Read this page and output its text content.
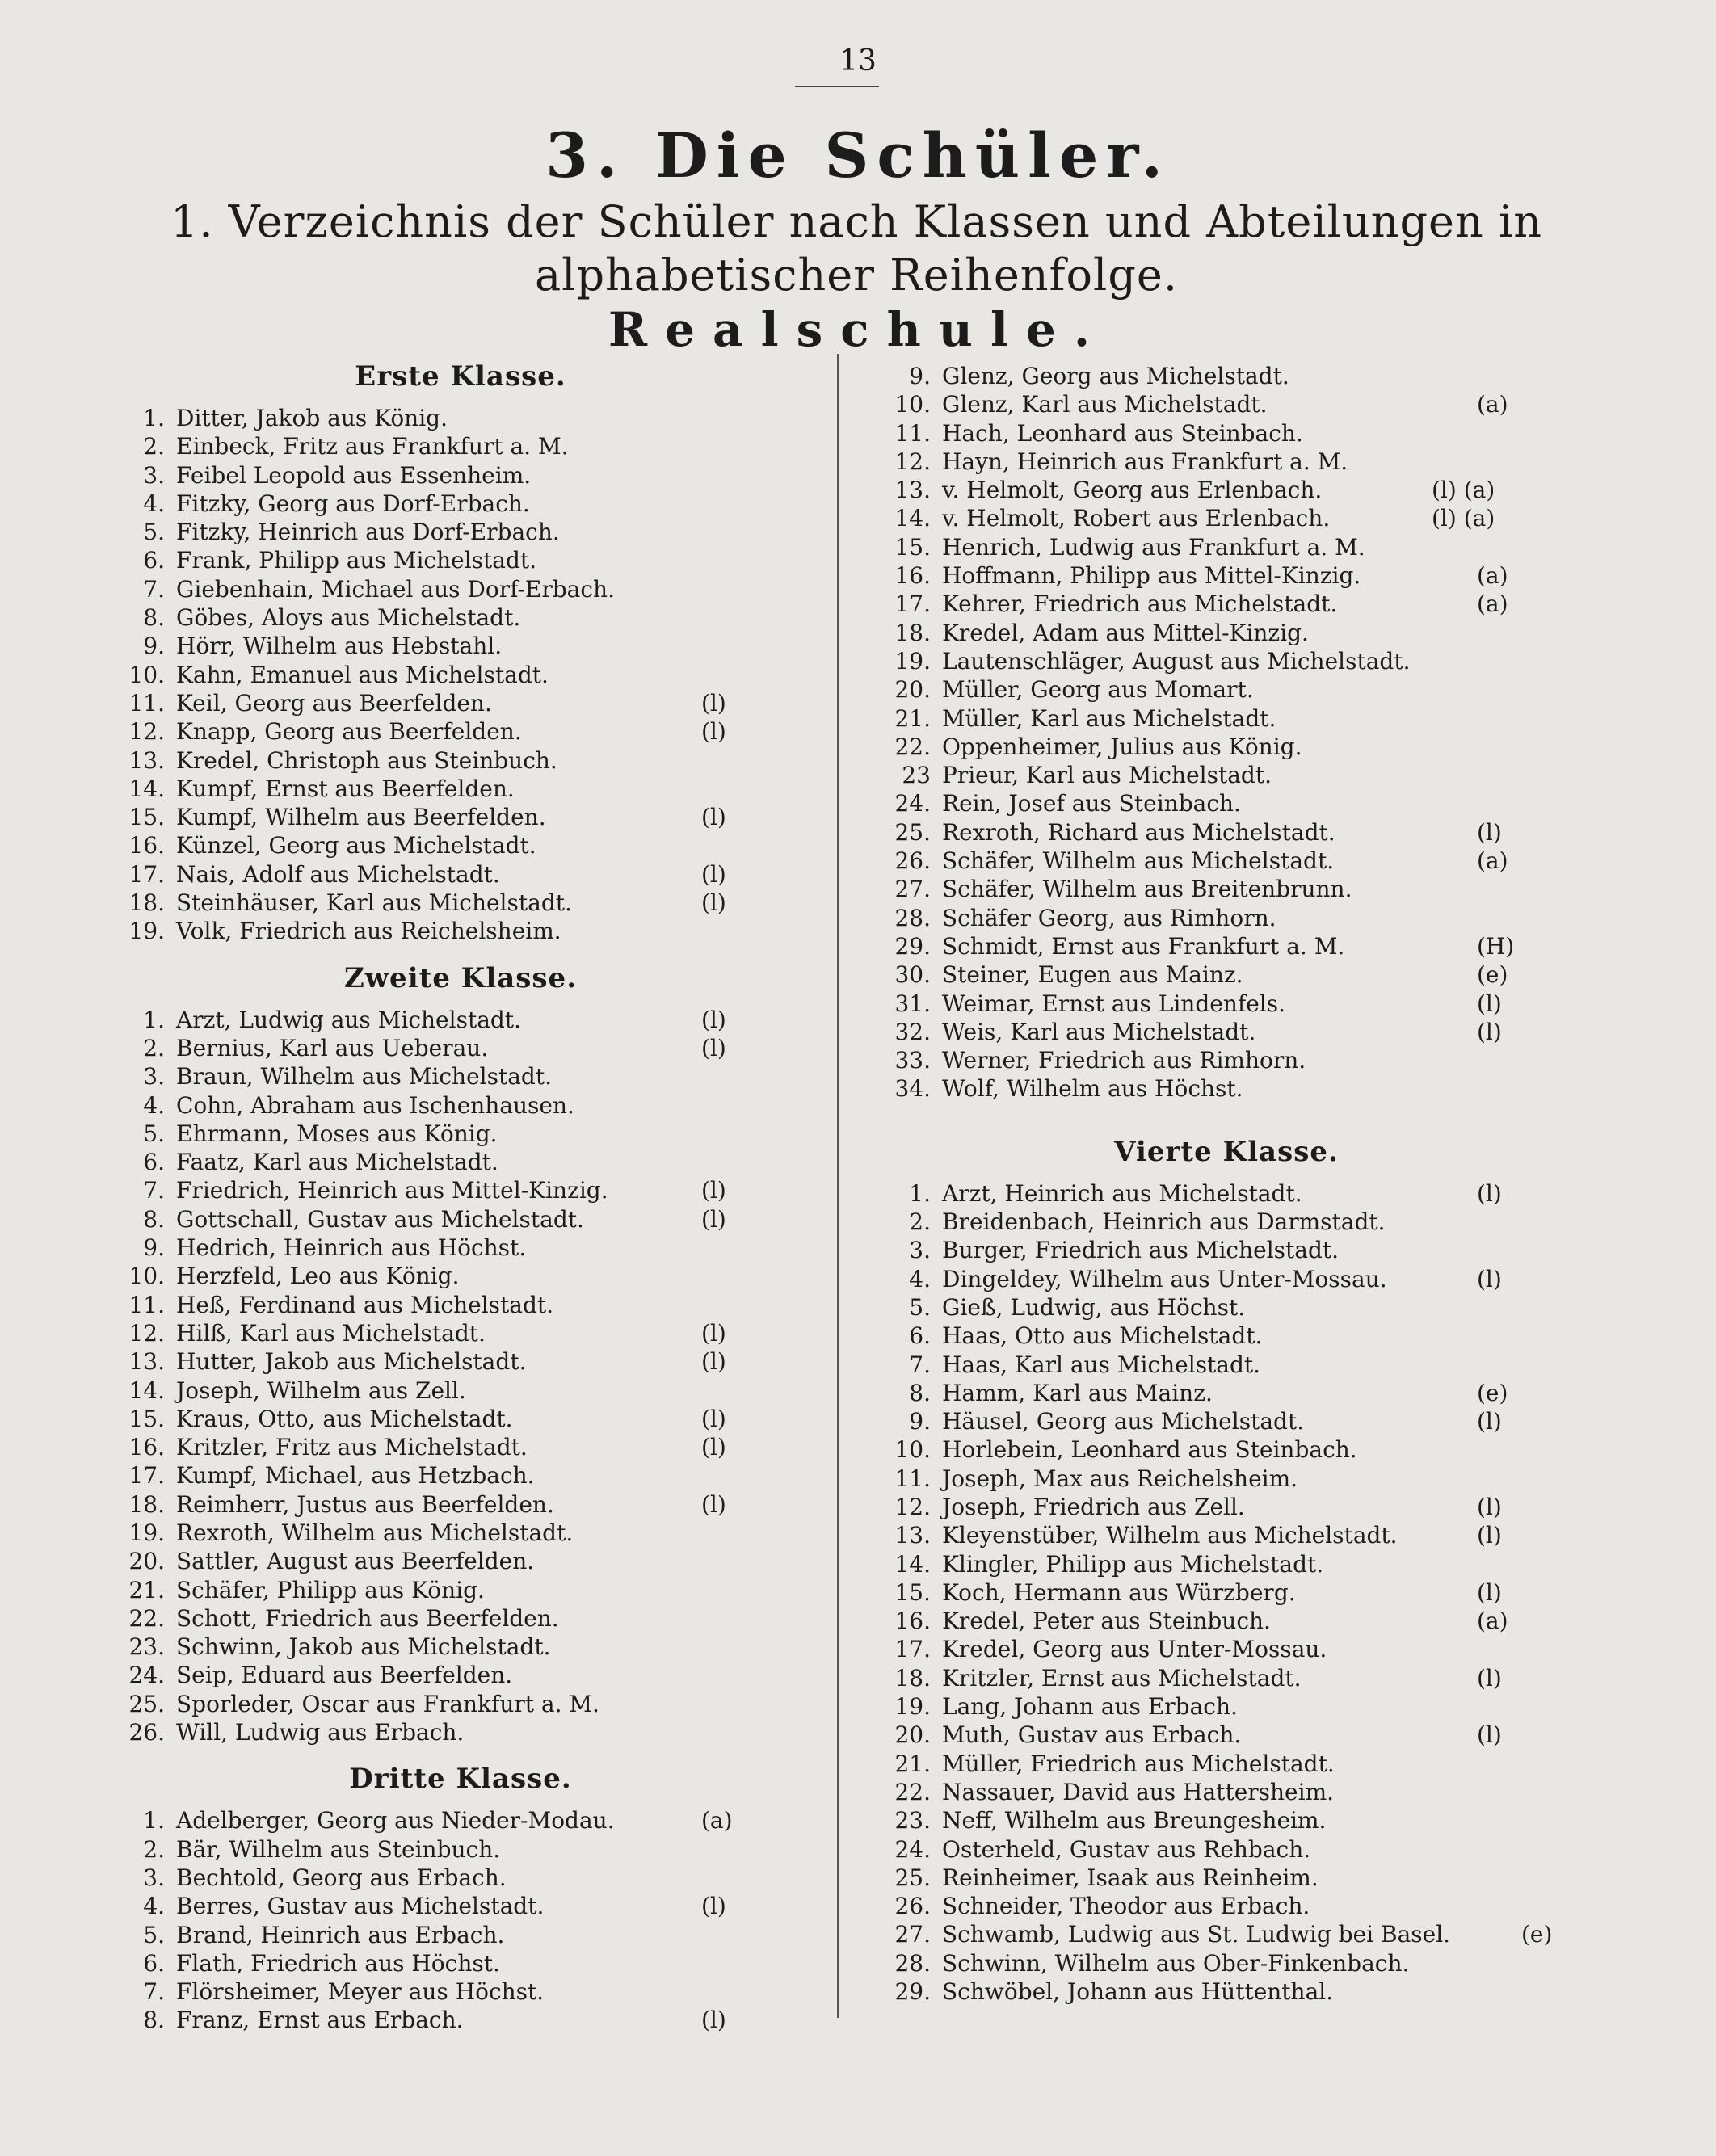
13
3. Die Schüler.
1. Verzeichnis der Schüler nach Klassen und Abteilungen in alphabetischer Reihenfolge.
Realschule.
Erste Klasse.
1. Ditter, Jakob aus König.
2. Einbeck, Fritz aus Frankfurt a. M.
3. Feibel Leopold aus Essenheim.
4. Fitzky, Georg aus Dorf-Erbach.
5. Fitzky, Heinrich aus Dorf-Erbach.
6. Frank, Philipp aus Michelstadt.
7. Giebenhain, Michael aus Dorf-Erbach.
8. Göbes, Aloys aus Michelstadt.
9. Hörr, Wilhelm aus Hebstahl.
10. Kahn, Emanuel aus Michelstadt.
11. Keil, Georg aus Beerfelden.	(l)
12. Knapp, Georg aus Beerfelden.	(l)
13. Kredel, Christoph aus Steinbuch.
14. Kumpf, Ernst aus Beerfelden.
15. Kumpf, Wilhelm aus Beerfelden.	(l)
16. Künzel, Georg aus Michelstadt.
17. Nais, Adolf aus Michelstadt.	(l)
18. Steinhäuser, Karl aus Michelstadt.	(l)
19. Volk, Friedrich aus Reichelsheim.
Zweite Klasse.
1. Arzt, Ludwig aus Michelstadt.	(l)
2. Bernius, Karl aus Ueberau.	(l)
3. Braun, Wilhelm aus Michelstadt.
4. Cohn, Abraham aus Ischenhausen.
5. Ehrmann, Moses aus König.
6. Faatz, Karl aus Michelstadt.
7. Friedrich, Heinrich aus Mittel-Kinzig.	(l)
8. Gottschall, Gustav aus Michelstadt.	(l)
9. Hedrich, Heinrich aus Höchst.
10. Herzfeld, Leo aus König.
11. Heß, Ferdinand aus Michelstadt.
12. Hilß, Karl aus Michelstadt.	(l)
13. Hutter, Jakob aus Michelstadt.	(l)
14. Joseph, Wilhelm aus Zell.
15. Kraus, Otto, aus Michelstadt.	(l)
16. Kritzler, Fritz aus Michelstadt.	(l)
17. Kumpf, Michael, aus Hetzbach.
18. Reimherr, Justus aus Beerfelden.	(l)
19. Rexroth, Wilhelm aus Michelstadt.
20. Sattler, August aus Beerfelden.
21. Schäfer, Philipp aus König.
22. Schott, Friedrich aus Beerfelden.
23. Schwinn, Jakob aus Michelstadt.
24. Seip, Eduard aus Beerfelden.
25. Sporleder, Oscar aus Frankfurt a. M.
26. Will, Ludwig aus Erbach.
Dritte Klasse.
1. Adelberger, Georg aus Nieder-Modau.	(a)
2. Bär, Wilhelm aus Steinbuch.
3. Bechtold, Georg aus Erbach.
4. Berres, Gustav aus Michelstadt.	(l)
5. Brand, Heinrich aus Erbach.
6. Flath, Friedrich aus Höchst.
7. Flörsheimer, Meyer aus Höchst.
8. Franz, Ernst aus Erbach.	(l)
9. Glenz, Georg aus Michelstadt.
10. Glenz, Karl aus Michelstadt.	(a)
11. Hach, Leonhard aus Steinbach.
12. Hayn, Heinrich aus Frankfurt a. M.
13. v. Helmolt, Georg aus Erlenbach.	(l) (a)
14. v. Helmolt, Robert aus Erlenbach.	(l) (a)
15. Henrich, Ludwig aus Frankfurt a. M.
16. Hoffmann, Philipp aus Mittel-Kinzig.	(a)
17. Kehrer, Friedrich aus Michelstadt.	(a)
18. Kredel, Adam aus Mittel-Kinzig.
19. Lautenschläger, August aus Michelstadt.
20. Müller, Georg aus Momart.
21. Müller, Karl aus Michelstadt.
22. Oppenheimer, Julius aus König.
23 Prieur, Karl aus Michelstadt.
24. Rein, Josef aus Steinbach.
25. Rexroth, Richard aus Michelstadt.	(l)
26. Schäfer, Wilhelm aus Michelstadt.	(a)
27. Schäfer, Wilhelm aus Breitenbrunn.
28. Schäfer Georg, aus Rimhorn.
29. Schmidt, Ernst aus Frankfurt a. M.	(H)
30. Steiner, Eugen aus Mainz.	(e)
31. Weimar, Ernst aus Lindenfels.	(l)
32. Weis, Karl aus Michelstadt.	(l)
33. Werner, Friedrich aus Rimhorn.
34. Wolf, Wilhelm aus Höchst.
Vierte Klasse.
1. Arzt, Heinrich aus Michelstadt.	(l)
2. Breidenbach, Heinrich aus Darmstadt.
3. Burger, Friedrich aus Michelstadt.
4. Dingeldey, Wilhelm aus Unter-Mossau.	(l)
5. Gieß, Ludwig, aus Höchst.
6. Haas, Otto aus Michelstadt.
7. Haas, Karl aus Michelstadt.
8. Hamm, Karl aus Mainz.	(e)
9. Häusel, Georg aus Michelstadt.	(l)
10. Horlebein, Leonhard aus Steinbach.
11. Joseph, Max aus Reichelsheim.
12. Joseph, Friedrich aus Zell.	(l)
13. Kleyenstüber, Wilhelm aus Michelstadt.	(l)
14. Klingler, Philipp aus Michelstadt.
15. Koch, Hermann aus Würzberg.	(l)
16. Kredel, Peter aus Steinbuch.	(a)
17. Kredel, Georg aus Unter-Mossau.
18. Kritzler, Ernst aus Michelstadt.	(l)
19. Lang, Johann aus Erbach.
20. Muth, Gustav aus Erbach.	(l)
21. Müller, Friedrich aus Michelstadt.
22. Nassauer, David aus Hattersheim.
23. Neff, Wilhelm aus Breungesheim.
24. Osterheld, Gustav aus Rehbach.
25. Reinheimer, Isaak aus Reinheim.
26. Schneider, Theodor aus Erbach.
27. Schwamb, Ludwig aus St. Ludwig bei Basel.	(e)
28. Schwinn, Wilhelm aus Ober-Finkenbach.
29. Schwöbel, Johann aus Hüttenthal.
